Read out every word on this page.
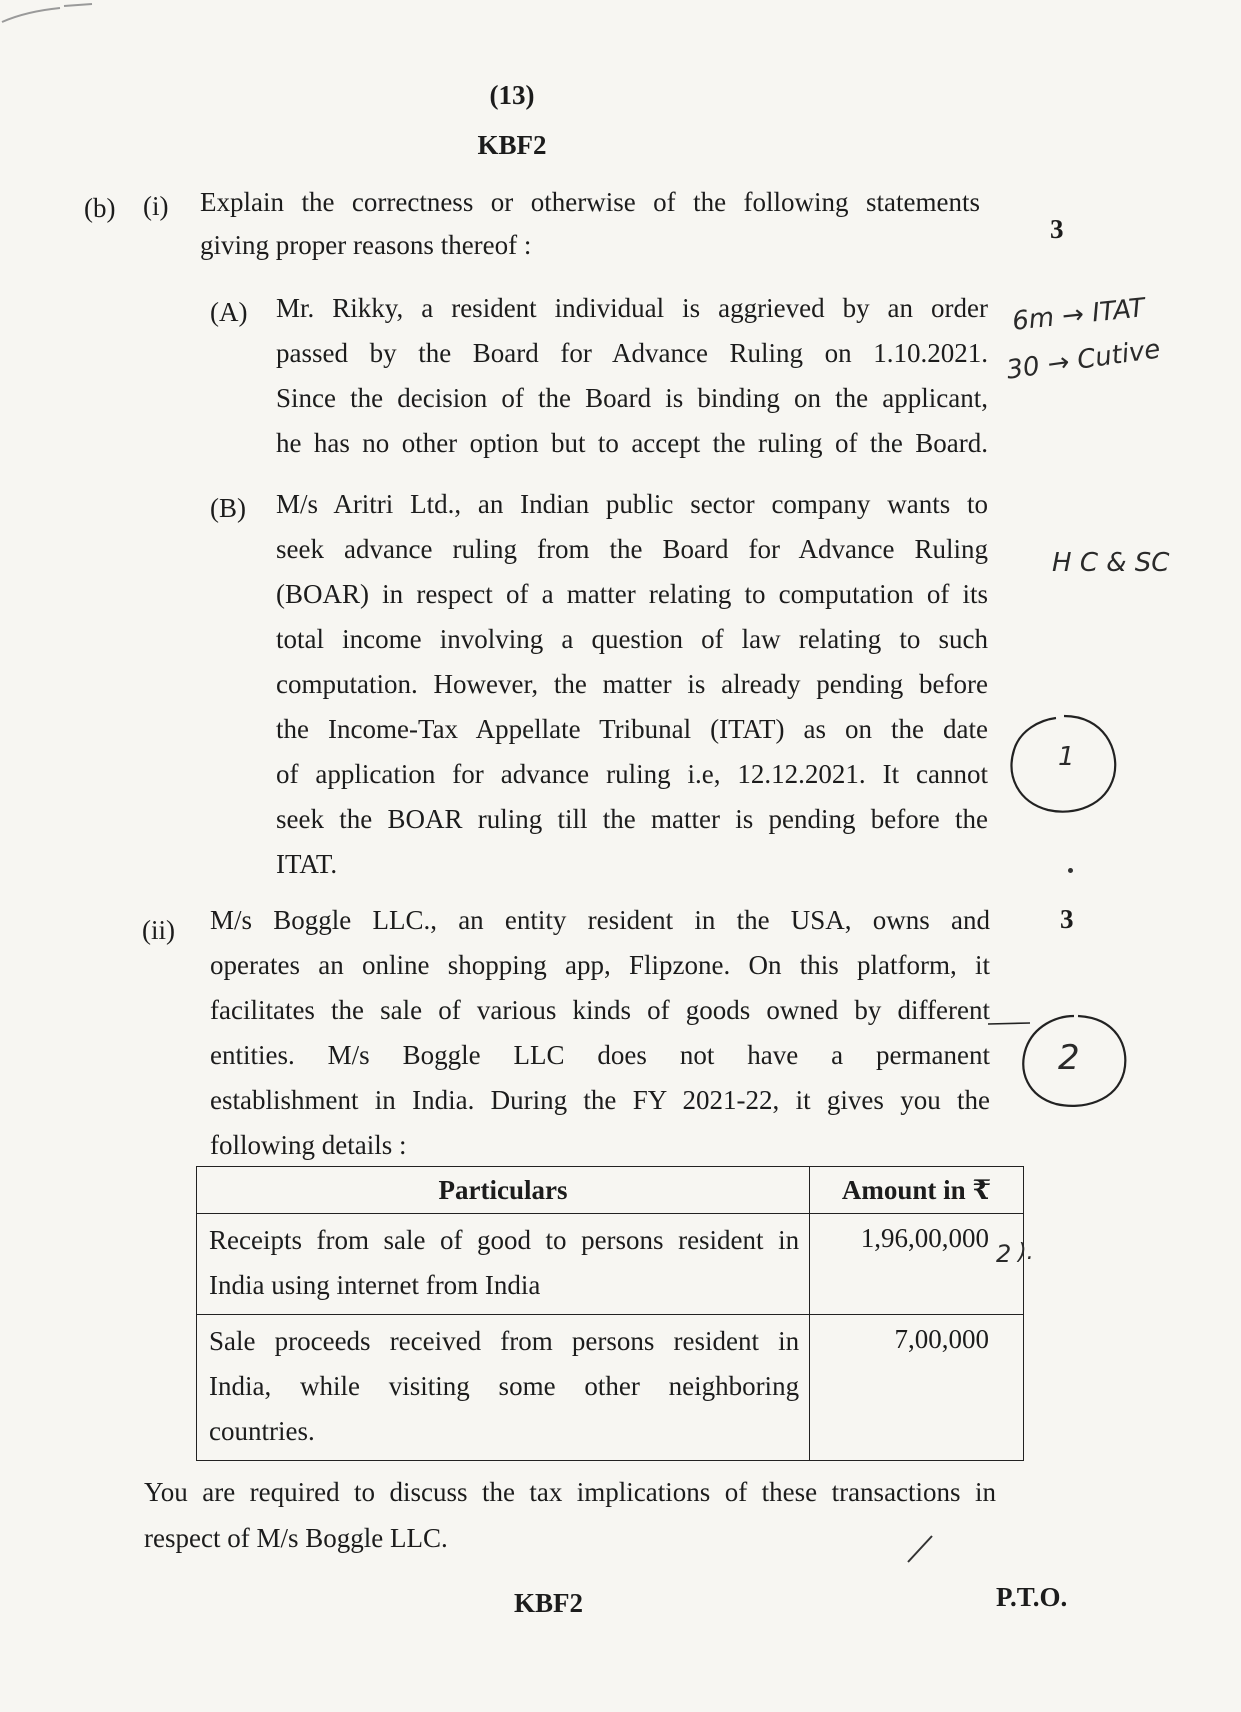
(13)
KBF2
(b) (i) Explain the correctness or otherwise of the following statements
giving proper reasons thereof :
3
(A) Mr. Rikky, a resident individual is aggrieved by an order
passed by the Board for Advance Ruling on 1.10.2021.
Since the decision of the Board is binding on the applicant,
he has no other option but to accept the ruling of the Board.
(B) M/s Aritri Ltd., an Indian public sector company wants to
seek advance ruling from the Board for Advance Ruling
(BOAR) in respect of a matter relating to computation of its
total income involving a question of law relating to such
computation. However, the matter is already pending before
the Income-Tax Appellate Tribunal (ITAT) as on the date
of application for advance ruling i.e, 12.12.2021. It cannot
seek the BOAR ruling till the matter is pending before the
ITAT.
(ii)	3
M/s Boggle LLC., an entity resident in the USA, owns and
operates an online shopping app, Flipzone. On this platform, it
facilitates the sale of various kinds of goods owned by different
entities. M/s Boggle LLC does not have a permanent
establishment in India. During the FY 2021-22, it gives you the
following details :
Particulars	Amount in ₹

Receipts from sale of good to persons resident in
India using internet from India	1,96,00,000

Sale proceeds received from persons resident in
India, while visiting some other neighboring
countries.	7,00,000
You are required to discuss the tax implications of these transactions in
respect of M/s Boggle LLC.
KBF2	P.T.O.
6m → ITAT
30 → Cutive
H C & SC
1
2
2 ).
